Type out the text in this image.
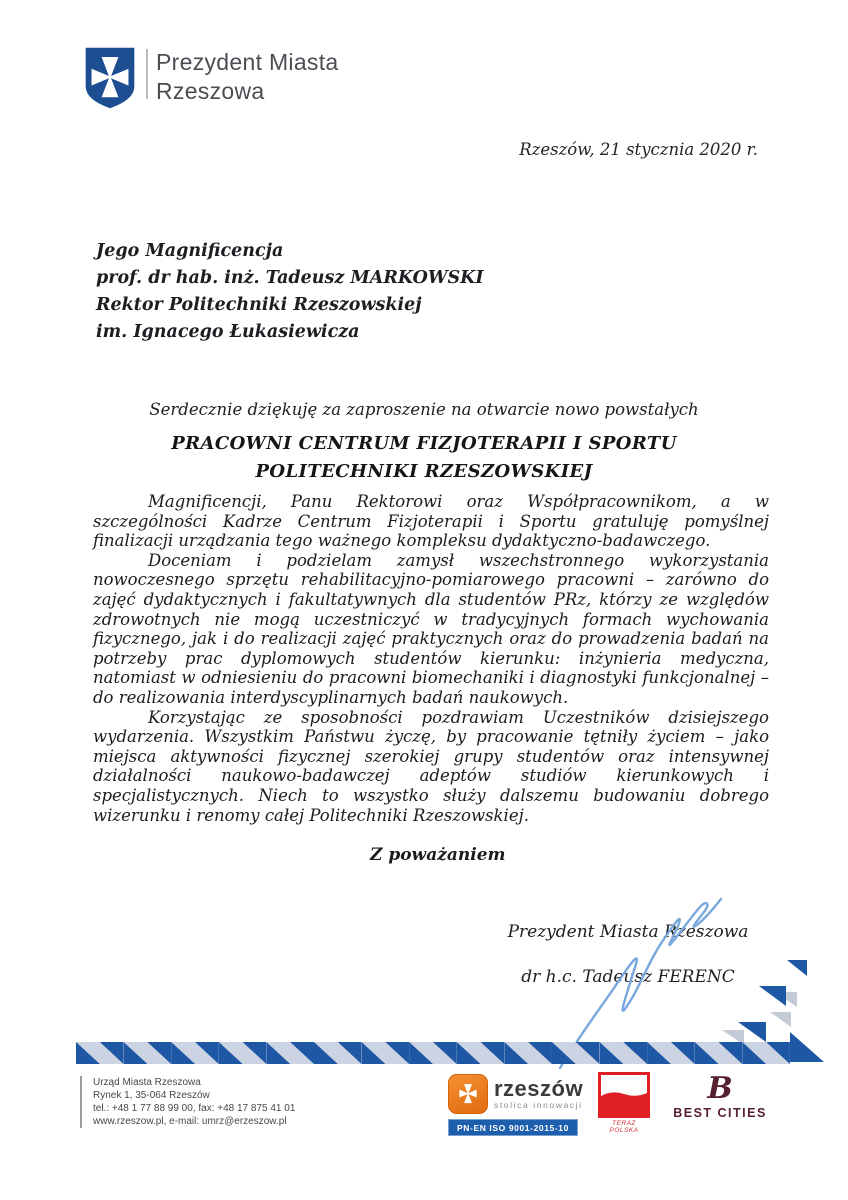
Prezydent Miasta
Rzeszowa
Rzeszów, 21 stycznia 2020 r.
Jego Magnificencja
prof. dr hab. inż. Tadeusz MARKOWSKI
Rektor Politechniki Rzeszowskiej
im. Ignacego Łukasiewicza
Serdecznie dziękuję za zaproszenie na otwarcie nowo powstałych
PRACOWNI CENTRUM FIZJOTERAPII I SPORTU
POLITECHNIKI RZESZOWSKIEJ

Magnificencji, Panu Rektorowi oraz Współpracownikom, a w szczególności Kadrze Centrum Fizjoterapii i Sportu gratuluję pomyślnej finalizacji urządzania tego ważnego kompleksu dydaktyczno-badawczego.

Doceniam i podzielam zamysł wszechstronnego wykorzystania nowoczesnego sprzętu rehabilitacyjno-pomiarowego pracowni – zarówno do zajęć dydaktycznych i fakultatywnych dla studentów PRz, którzy ze względów zdrowotnych nie mogą uczestniczyć w tradycyjnych formach wychowania fizycznego, jak i do realizacji zajęć praktycznych oraz do prowadzenia badań na potrzeby prac dyplomowych studentów kierunku: inżynieria medyczna, natomiast w odniesieniu do pracowni biomechaniki i diagnostyki funkcjonalnej – do realizowania interdyscyplinarnych badań naukowych.

Korzystając ze sposobności pozdrawiam Uczestników dzisiejszego wydarzenia. Wszystkim Państwu życzę, by pracowanie tętniły życiem – jako miejsca aktywności fizycznej szerokiej grupy studentów oraz intensywnej działalności naukowo-badawczej adeptów studiów kierunkowych i specjalistycznych. Niech to wszystko służy dalszemu budowaniu dobrego wizerunku i renomy całej Politechniki Rzeszowskiej.

Z poważaniem
Prezydent Miasta Rzeszowa
dr h.c. Tadeusz FERENC
Urząd Miasta Rzeszowa
Rynek 1, 35-064 Rzeszów
tel.: +48 1 77 88 99 00, fax: +48 17 875 41 01
www.rzeszow.pl, e-mail: umrz@erzeszow.pl
rzeszów
stolica innowacji
PN-EN ISO 9001-2015-10	TERAZ POLSKA
B
BEST CITIES
